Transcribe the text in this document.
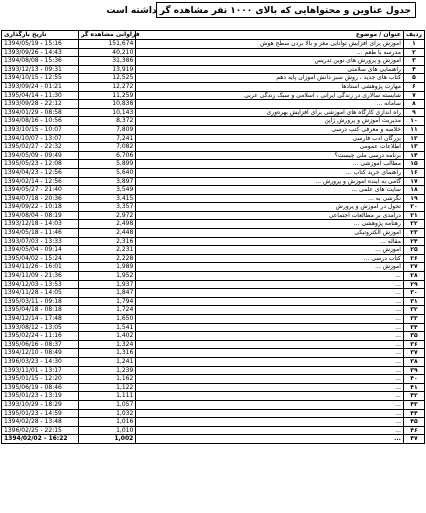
جدول عناوین و محتواهایی که بالای ۱۰۰۰ نفر مشاهده گر داشته است
تاریخ بارگذاری	فراوانی مشاهده گر	عنوان / موضوع	ردیف
1394/05/19 - 15:16	151,674	آموزش برای افزایش توانایی مغز و بالا بردن سطح هوش	۱
1393/09/26 - 14:43	40,210	مدرسه با طعم ...	۲
1394/08/08 - 15:36	31,386	آموزش و پرورش های نوین تدریس	۳
1393/12/13 - 09:31	13,919	راهنمایی های سلامتی	۴
1394/10/15 - 12:55	12,525	کتاب های جدید ، روش سبز دانش آموزان پایه دهم	۵
1393/09/24 - 01:21	12,272	مهارت پژوهشی استادها	۶
1395/04/14 - 11:30	11,259	شایسته سالاری در زندگی ایرانی ، اسلامی و سبک زندگی عربی	۷
1393/09/28 - 22:12	10,838	سامانه ...	۸
1394/01/29 - 08:58	10,143	راه اندازی کارگاه های آموزشی برای افزایش بهره‌وری	۹
1394/08/16 - 10:56	8,372	مدیریت آموزش و پرورش ژاپن	۱۰
1393/10/15 - 10:07	7,809	خلاصه و معرفی کتب درسی	۱۱
1394/10/07 - 13:07	7,241	بزرگان ادب فارسی	۱۲
1395/02/27 - 22:32	7,082	اطلاعات عمومی	۱۳
1394/05/09 - 09:49	6,706	برنامه درسی ملی چیست؟	۱۴
1395/05/23 - 12:08	5,899	مطالب آموزشی ...	۱۵
1394/04/23 - 12:56	5,640	راهنمای خرید کتاب ...	۱۶
1394/02/14 - 12:56	3,897	گامی به آینده آموزش و پرورش ...	۱۷
1394/05/27 - 21:40	3,549	سایت های علمی ...	۱۸
1394/07/18 - 20:36	3,415	نگرشی به ...	۱۹
1394/09/22 - 10:18	3,357	تحول در آموزش و پرورش	۲۰
1394/08/04 - 08:19	2,972	درآمدی بر مطالعات اجتماعی	۲۱
1393/12/18 - 14:03	2,498	رهنامه پژوهشی ...	۲۲
1394/05/18 - 11:46	2,448	آموزش الکترونیکی	۲۳
1393/07/03 - 13:33	2,316	مقاله ...	۲۴
1394/05/04 - 09:14	2,231	آموزش ...	۲۵
1395/04/02 - 15:24	2,228	کتاب درسی ...	۲۶
1394/11/26 - 16:01	1,989	آموزش ...	۲۷
1394/11/09 - 21:36	1,952	...	۲۸
1394/12/03 - 13:53	1,937	...	۲۹
1394/11/28 - 14:05	1,847	...	۳۰
1395/03/11 - 09:18	1,794	...	۳۱
1395/04/18 - 08:18	1,724	...	۳۲
1394/12/14 - 17:48	1,650	...	۳۳
1393/08/12 - 13:05	1,541	...	۳۴
1395/02/24 - 11:16	1,402	...	۳۵
1395/06/16 - 08:37	1,324	...	۳۶
1394/12/10 - 08:49	1,316	...	۳۷
1396/03/23 - 14:30	1,241	...	۳۸
1393/11/01 - 13:17	1,239	...	۳۹
1395/01/15 - 12:20	1,162	...	۴۰
1395/06/19 - 08:46	1,122	...	۴۱
1395/01/23 - 13:19	1,111	...	۴۲
1393/10/29 - 18:29	1,057	...	۴۳
1395/01/23 - 14:59	1,032	...	۴۴
1394/02/28 - 13:48	1,016	...	۴۵
1396/02/25 - 22:15	1,010	...	۴۶
1394/02/02 - 16:22	1,002	...	۴۷
